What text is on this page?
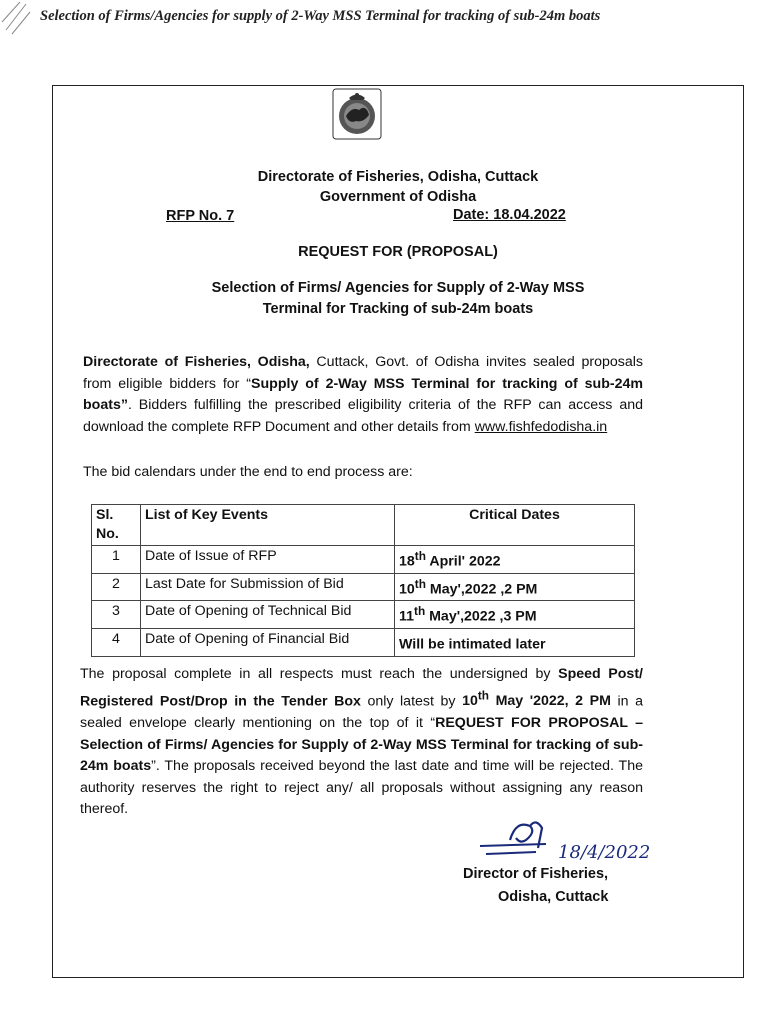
Selection of Firms/Agencies for supply of 2-Way MSS Terminal for tracking of sub-24m boats
Directorate of Fisheries, Odisha, Cuttack
Government of Odisha
RFP No. 7	Date: 18.04.2022
REQUEST FOR (PROPOSAL)
Selection of Firms/ Agencies for Supply of 2-Way MSS
Terminal for Tracking of sub-24m boats
Directorate of Fisheries, Odisha, Cuttack, Govt. of Odisha invites sealed proposals from eligible bidders for “Supply of 2-Way MSS Terminal for tracking of sub-24m boats”. Bidders fulfilling the prescribed eligibility criteria of the RFP can access and download the complete RFP Document and other details from www.fishfedodisha.in
The bid calendars under the end to end process are:
Sl. No.	List of Key Events	Critical Dates
1	Date of Issue of RFP	18th April' 2022
2	Last Date for Submission of Bid	10th May',2022 ,2 PM
3	Date of Opening of Technical Bid	11th May',2022 ,3 PM
4	Date of Opening of Financial Bid	Will be intimated later
The proposal complete in all respects must reach the undersigned by Speed Post/ Registered Post/Drop in the Tender Box only latest by 10th May '2022, 2 PM in a sealed envelope clearly mentioning on the top of it “REQUEST FOR PROPOSAL – Selection of Firms/ Agencies for Supply of 2-Way MSS Terminal for tracking of sub-24m boats”. The proposals received beyond the last date and time will be rejected. The authority reserves the right to reject any/ all proposals without assigning any reason thereof.
18/4/2022
Director of Fisheries,
Odisha, Cuttack
